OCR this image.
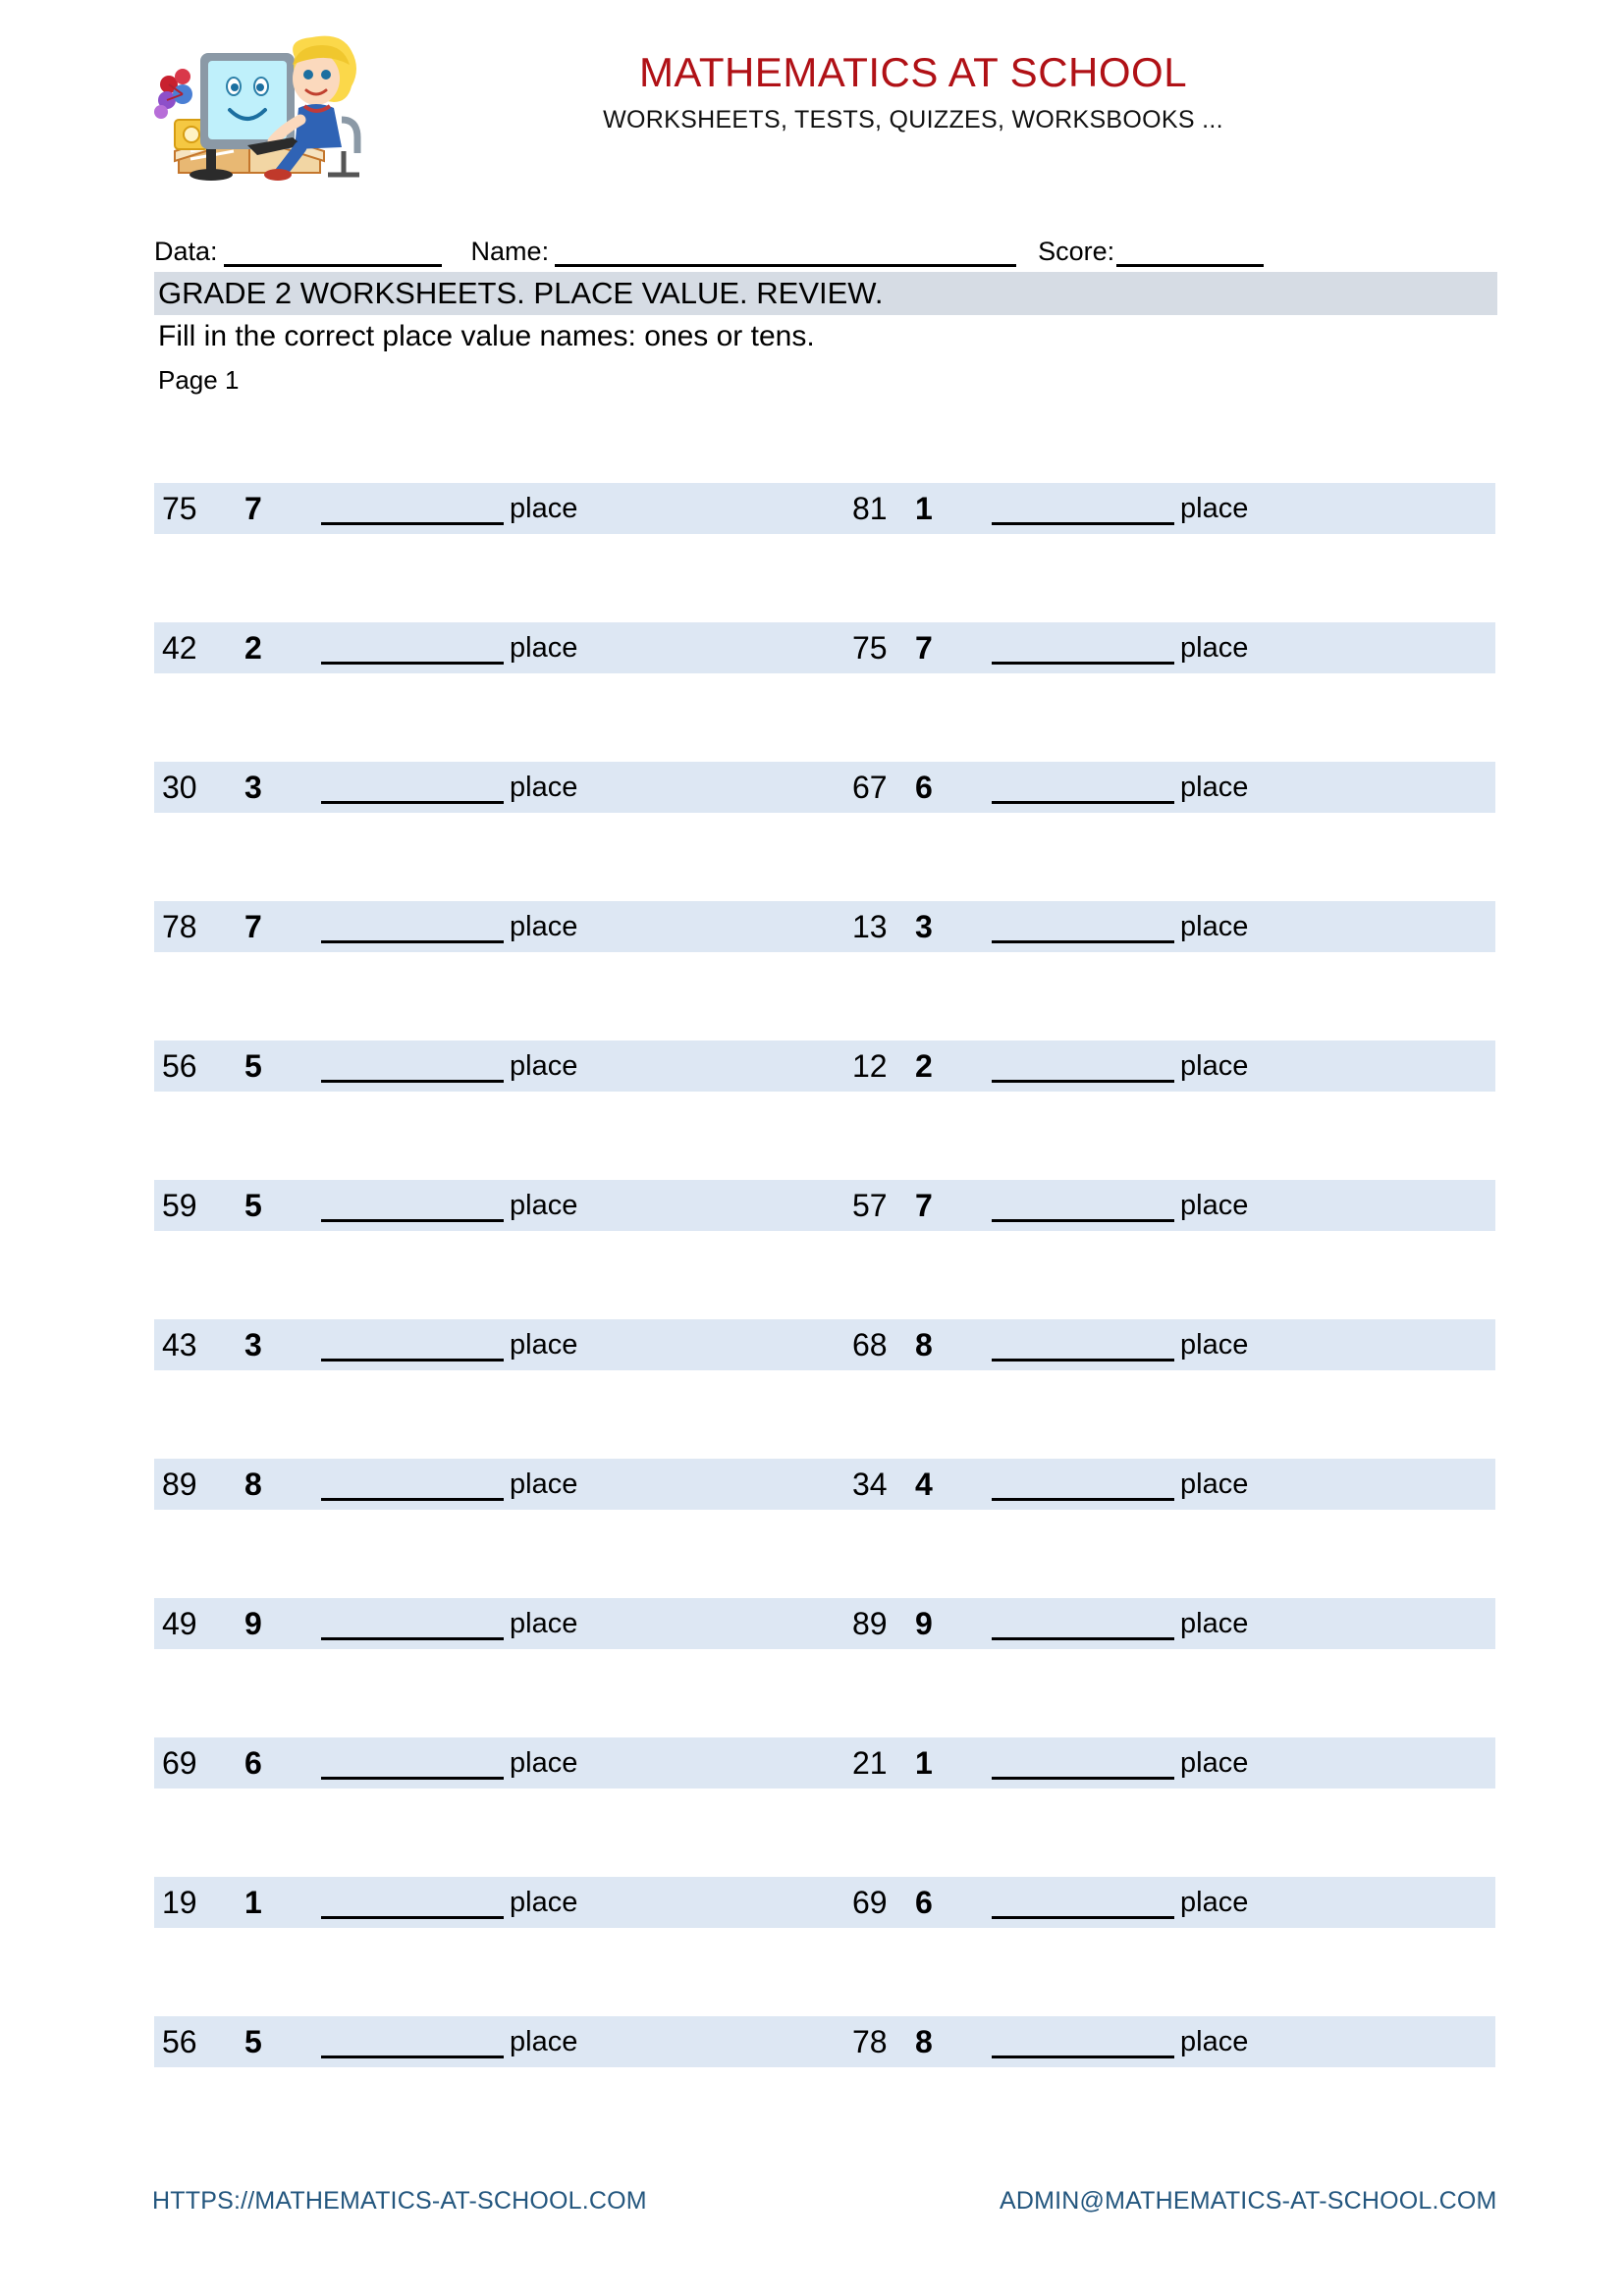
MATHEMATICS AT SCHOOL
WORKSHEETS, TESTS, QUIZZES, WORKSBOOKS ...
Data:	Name:	Score:
GRADE 2 WORKSHEETS. PLACE VALUE. REVIEW.
Fill in the correct place value names: ones or tens.
Page 1
75	7	place	81 1	place
42	2	place	75 7	place
30	3	place	67 6	place
78	7	place	13 3	place
56	5	place	12 2	place
59	5	place	57 7	place
43	3	place	68 8	place
89	8	place	34 4	place
49	9	place	89 9	place
69	6	place	21 1	place
19	1	place	69 6	place
56	5	place	78 8	place
HTTPS://MATHEMATICS-AT-SCHOOL.COM	ADMIN@MATHEMATICS-AT-SCHOOL.COM
